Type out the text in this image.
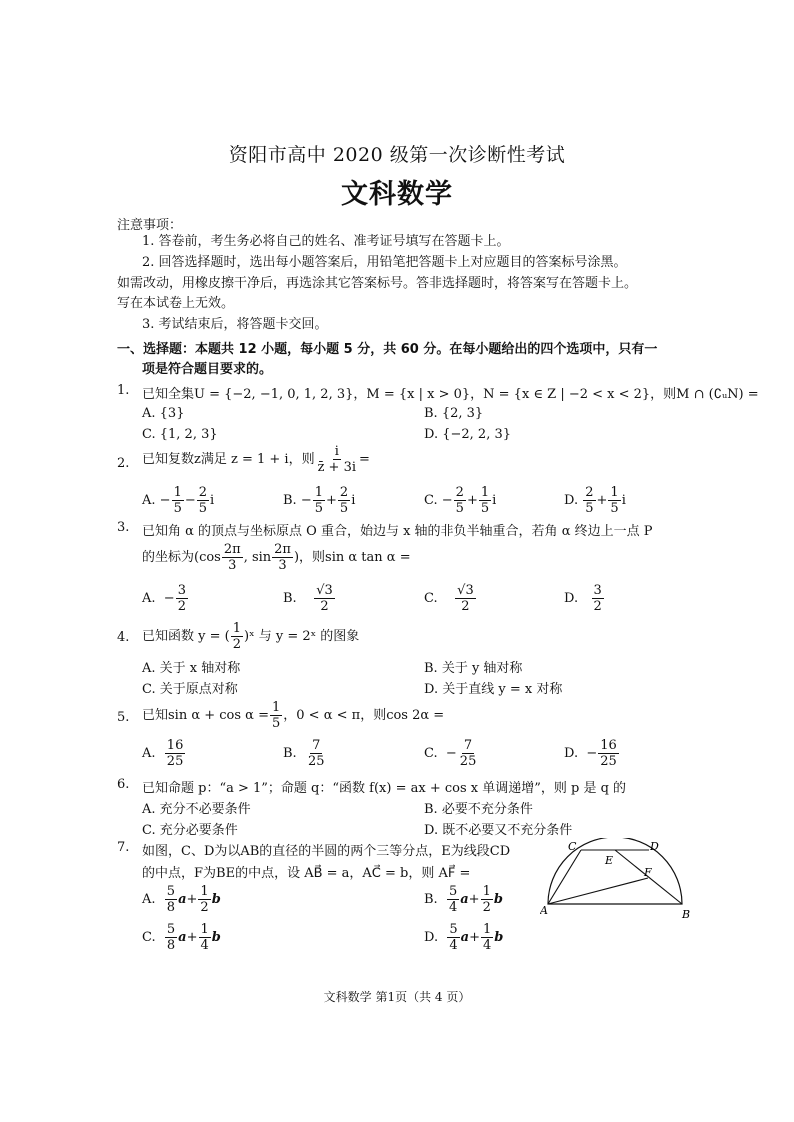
资阳市高中 2020 级第一次诊断性考试
文科数学
注意事项：
1. 答卷前，考生务必将自己的姓名、准考证号填写在答题卡上。
2. 回答选择题时，选出每小题答案后，用铅笔把答题卡上对应题目的答案标号涂黑。
如需改动，用橡皮擦干净后，再选涂其它答案标号。答非选择题时，将答案写在答题卡上。
写在本试卷上无效。
3. 考试结束后，将答题卡交回。
一、选择题：本题共 12 小题，每小题 5 分，共 60 分。在每小题给出的四个选项中，只有一
项是符合题目要求的。
1. 已知全集U = {−2, −1, 0, 1, 2, 3}，M = {x | x > 0}，N = {x ∈ Z | −2 < x < 2}，则M ∩ (∁ᵤN) =
A. {3}	B. {2, 3}
C. {1, 2, 3}	D. {−2, 2, 3}
2. 已知复数z满足 z = 1 + i，则 $\frac{i}{z̄ + 3i}$ =
A. − $\frac{1}{5} - \frac{2}{5}$ i	B. − $\frac{1}{5} + \frac{2}{5}$ i	C. − $\frac{2}{5} + \frac{1}{5}$ i	D. $\frac{2}{5} + \frac{1}{5}$ i
3. 已知角 α 的顶点与坐标原点 O 重合，始边与 x 轴的非负半轴重合，若角 α 终边上一点 P
的坐标为($\cos \frac{2\pi}{3}$ , $\sin \frac{2\pi}{3}$ )，则sin α tan α =
A. − $\frac{3}{2}$	B. $\frac{√3}{2}$	C. $\frac{√3}{2}$	D. $\frac{3}{2}$
4. 已知函数 y = ( $\frac{1}{2}$ )ˣ 与 y = 2ˣ 的图象
A. 关于 x 轴对称	B. 关于 y 轴对称
C. 关于原点对称	D. 关于直线 y = x 对称
5. 已知$\sin \alpha + \cos \alpha = \frac{1}{5}$ ，0 < α < π，则cos 2α =
A. $\frac{16}{25}$	B. $\frac{7}{25}$	C. − $\frac{7}{25}$	D. − $\frac{16}{25}$
6. 已知命题 p：“a > 1”；命题 q：“函数 f(x) = ax + cos x 单调递增”，则 p 是 q 的
A. 充分不必要条件	B. 必要不充分条件
C. 充分必要条件	D. 既不必要又不充分条件
7. 如图，C、D为以AB的直径的半圆的两个三等分点，E为线段CD
的中点，F为BE的中点，设 AB⃗ = a，AC⃗ = b，则 AF⃗ =
A. $\frac{5}{8} a+ \frac{1}{2}$ b	B. $\frac{5}{4} a+ \frac{1}{2}$ b
C. $\frac{5}{8} a+ \frac{1}{4}$ b	D. $\frac{5}{4} a+ \frac{1}{4}$ b
A	B
C	D
E
F
文科数学 第1页（共 4 页）
